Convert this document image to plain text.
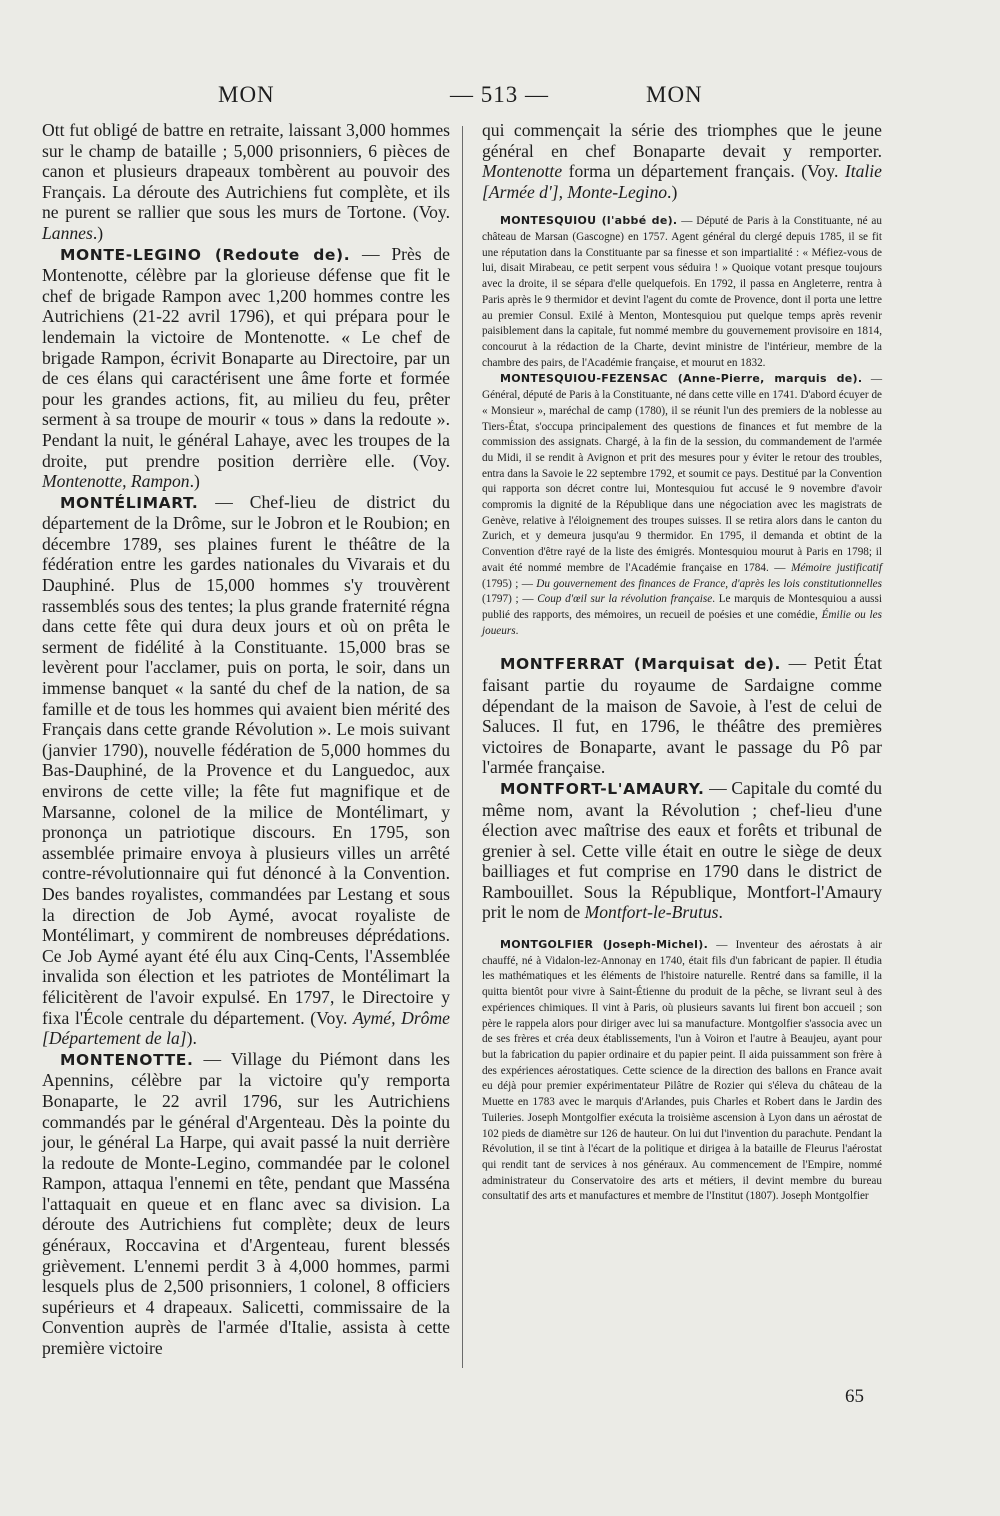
MON	— 513 —	MON

Ott fut obligé de battre en retraite, laissant 3,000 hommes sur le champ de bataille ; 5,000 prisonniers, 6 pièces de canon et plusieurs drapeaux tombèrent au pouvoir des Français. La déroute des Autrichiens fut complète, et ils ne purent se rallier que sous les murs de Tortone. (Voy. Lannes.)

MONTE-LEGINO (Redoute de). — Près de Montenotte, célèbre par la glorieuse défense que fit le chef de brigade Rampon avec 1,200 hommes contre les Autrichiens (21-22 avril 1796), et qui prépara pour le lendemain la victoire de Montenotte. « Le chef de brigade Rampon, écrivit Bonaparte au Directoire, par un de ces élans qui caractérisent une âme forte et formée pour les grandes actions, fit, au milieu du feu, prêter serment à sa troupe de mourir « tous » dans la redoute ». Pendant la nuit, le général Lahaye, avec les troupes de la droite, put prendre position derrière elle. (Voy. Montenotte, Rampon.)

MONTÉLIMART. — Chef-lieu de district du département de la Drôme, sur le Jobron et le Roubion; en décembre 1789, ses plaines furent le théâtre de la fédération entre les gardes nationales du Vivarais et du Dauphiné. Plus de 15,000 hommes s'y trouvèrent rassemblés sous des tentes; la plus grande fraternité régna dans cette fête qui dura deux jours et où on prêta le serment de fidélité à la Constituante. 15,000 bras se levèrent pour l'acclamer, puis on porta, le soir, dans un immense banquet « la santé du chef de la nation, de sa famille et de tous les hommes qui avaient bien mérité des Français dans cette grande Révolution ». Le mois suivant (janvier 1790), nouvelle fédération de 5,000 hommes du Bas-Dauphiné, de la Provence et du Languedoc, aux environs de cette ville; la fête fut magnifique et de Marsanne, colonel de la milice de Montélimart, y prononça un patriotique discours. En 1795, son assemblée primaire envoya à plusieurs villes un arrêté contre-révolutionnaire qui fut dénoncé à la Convention. Des bandes royalistes, commandées par Lestang et sous la direction de Job Aymé, avocat royaliste de Montélimart, y commirent de nombreuses déprédations. Ce Job Aymé ayant été élu aux Cinq-Cents, l'Assemblée invalida son élection et les patriotes de Montélimart la félicitèrent de l'avoir expulsé. En 1797, le Directoire y fixa l'École centrale du département. (Voy. Aymé, Drôme [Département de la]).

MONTENOTTE. — Village du Piémont dans les Apennins, célèbre par la victoire qu'y remporta Bonaparte, le 22 avril 1796, sur les Autrichiens commandés par le général d'Argenteau. Dès la pointe du jour, le général La Harpe, qui avait passé la nuit derrière la redoute de Monte-Legino, commandée par le colonel Rampon, attaqua l'ennemi en tête, pendant que Masséna l'attaquait en queue et en flanc avec sa division. La déroute des Autrichiens fut complète; deux de leurs généraux, Roccavina et d'Argenteau, furent blessés grièvement. L'ennemi perdit 3 à 4,000 hommes, parmi lesquels plus de 2,500 prisonniers, 1 colonel, 8 officiers supérieurs et 4 drapeaux. Salicetti, commissaire de la Convention auprès de l'armée d'Italie, assista à cette première victoire

qui commençait la série des triomphes que le jeune général en chef Bonaparte devait y remporter. Montenotte forma un département français. (Voy. Italie [Armée d'], Monte-Legino.)

MONTESQUIOU (l'abbé de). — Député de Paris à la Constituante, né au château de Marsan (Gascogne) en 1757. Agent général du clergé depuis 1785, il se fit une réputation dans la Constituante par sa finesse et son impartialité : « Méfiez-vous de lui, disait Mirabeau, ce petit serpent vous séduira ! » Quoique votant presque toujours avec la droite, il se sépara d'elle quelquefois. En 1792, il passa en Angleterre, rentra à Paris après le 9 thermidor et devint l'agent du comte de Provence, dont il porta une lettre au premier Consul. Exilé à Menton, Montesquiou put quelque temps après revenir paisiblement dans la capitale, fut nommé membre du gouvernement provisoire en 1814, concourut à la rédaction de la Charte, devint ministre de l'intérieur, membre de la chambre des pairs, de l'Académie française, et mourut en 1832.

MONTESQUIOU-FEZENSAC (Anne-Pierre, marquis de). — Général, député de Paris à la Constituante, né dans cette ville en 1741. D'abord écuyer de « Monsieur », maréchal de camp (1780), il se réunit l'un des premiers de la noblesse au Tiers-État, s'occupa principalement des questions de finances et fut membre de la commission des assignats. Chargé, à la fin de la session, du commandement de l'armée du Midi, il se rendit à Avignon et prit des mesures pour y éviter le retour des troubles, entra dans la Savoie le 22 septembre 1792, et soumit ce pays. Destitué par la Convention qui rapporta son décret contre lui, Montesquiou fut accusé le 9 novembre d'avoir compromis la dignité de la République dans une négociation avec les magistrats de Genève, relative à l'éloignement des troupes suisses. Il se retira alors dans le canton du Zurich, et y demeura jusqu'au 9 thermidor. En 1795, il demanda et obtint de la Convention d'être rayé de la liste des émigrés. Montesquiou mourut à Paris en 1798; il avait été nommé membre de l'Académie française en 1784. — Mémoire justificatif (1795) ; — Du gouvernement des finances de France, d'après les lois constitutionnelles (1797) ; — Coup d'œil sur la révolution française. Le marquis de Montesquiou a aussi publié des rapports, des mémoires, un recueil de poésies et une comédie, Émilie ou les joueurs.

MONTFERRAT (Marquisat de). — Petit État faisant partie du royaume de Sardaigne comme dépendant de la maison de Savoie, à l'est de celui de Saluces. Il fut, en 1796, le théâtre des premières victoires de Bonaparte, avant le passage du Pô par l'armée française.

MONTFORT-L'AMAURY. — Capitale du comté du même nom, avant la Révolution ; chef-lieu d'une élection avec maîtrise des eaux et forêts et tribunal de grenier à sel. Cette ville était en outre le siège de deux bailliages et fut comprise en 1790 dans le district de Rambouillet. Sous la République, Montfort-l'Amaury prit le nom de Montfort-le-Brutus.

MONTGOLFIER (Joseph-Michel). — Inventeur des aérostats à air chauffé, né à Vidalon-lez-Annonay en 1740, était fils d'un fabricant de papier. Il étudia les mathématiques et les éléments de l'histoire naturelle. Rentré dans sa famille, il la quitta bientôt pour vivre à Saint-Étienne du produit de la pêche, se livrant seul à des expériences chimiques. Il vint à Paris, où plusieurs savants lui firent bon accueil ; son père le rappela alors pour diriger avec lui sa manufacture. Montgolfier s'associa avec un de ses frères et créa deux établissements, l'un à Voiron et l'autre à Beaujeu, ayant pour but la fabrication du papier ordinaire et du papier peint. Il aida puissamment son frère à des expériences aérostatiques. Cette science de la direction des ballons en France avait eu déjà pour premier expérimentateur Pilâtre de Rozier qui s'éleva du château de la Muette en 1783 avec le marquis d'Arlandes, puis Charles et Robert dans le Jardin des Tuileries. Joseph Montgolfier exécuta la troisième ascension à Lyon dans un aérostat de 102 pieds de diamètre sur 126 de hauteur. On lui dut l'invention du parachute. Pendant la Révolution, il se tint à l'écart de la politique et dirigea à la bataille de Fleurus l'aérostat qui rendit tant de services à nos généraux. Au commencement de l'Empire, nommé administrateur du Conservatoire des arts et métiers, il devint membre du bureau consultatif des arts et manufactures et membre de l'Institut (1807). Joseph Montgolfier

65
